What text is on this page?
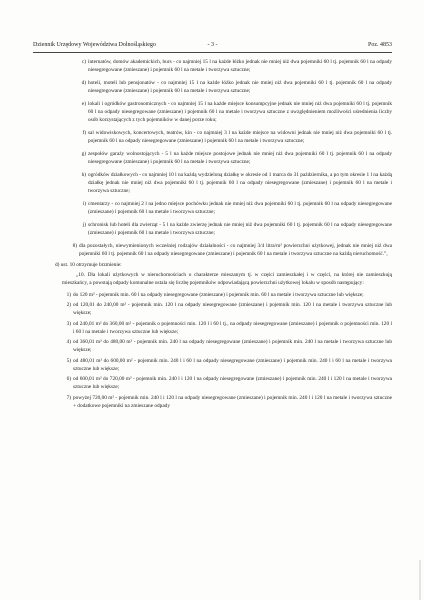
Dziennik Urzędowy Województwa Dolnośląskiego	- 3 -	Poz. 4853
c) internatów, domów akademickich, burs - co najmniej 15 l na każde łóżko jednak nie mniej niż dwa pojemniki 60 l tj. pojemnik 60 l na odpady niesegregowane (zmieszane) i pojemnik 60 l na metale i tworzywa sztuczne;
d) hoteli, moteli lub pensjonatów - co najmniej 15 l na każde łóżko jednak nie mniej niż dwa pojemniki 60 l tj. pojemnik 60 l na odpady niesegregowane (zmieszane) i pojemnik 60 l na metale i tworzywa sztuczne;
e) lokali i ogródków gastronomicznych - co najmniej 15 l na każde miejsce konsumpcyjne jednak nie mniej niż dwa pojemniki 60 l tj. pojemnik 60 l na odpady niesegregowane (zmieszane) i pojemnik 60 l na metale i tworzywa sztuczne z uwzględnieniem możliwości uśrednienia liczby osób korzystających z tych pojemników w danej porze roku;
f) sal widowiskowych, koncertowych, teatrów, kin - co najmniej 3 l na każde miejsce na widowni jednak nie mniej niż dwa pojemniki 60 l tj. pojemnik 60 l na odpady niesegregowane (zmieszane) i pojemnik 60 l na metale i tworzywa sztuczne;
g) zespołów garaży wolnostojących - 5 l na każde miejsce postojowe jednak nie mniej niż dwa pojemniki 60 l tj. pojemnik 60 l na odpady niesegregowane (zmieszane) i pojemnik 60 l na metale i tworzywa sztuczne;
h) ogródków działkowych - co najmniej 10 l na każdą wydzieloną działkę w okresie od 1 marca do 31 października, a po tym okresie 1 l na każdą działkę jednak nie mniej niż dwa pojemniki 60 l tj. pojemnik 60 l na odpady niesegregowane (zmieszane) i pojemnik 60 l na metale i tworzywa sztuczne;
i) cmentarzy - co najmniej 2 l na jedno miejsce pochówku jednak nie mniej niż dwa pojemniki 60 l tj. pojemnik 60 l na odpady niesegregowane (zmieszane) i pojemnik 60 l na metale i tworzywa sztuczne;
j) schronisk lub hoteli dla zwierząt - 5 l na każde zwierzę jednak nie mniej niż dwa pojemniki 60 l tj. pojemnik 60 l na odpady niesegregowane (zmieszane) i pojemnik 60 l na metale i tworzywa sztuczne;
8) dla pozostałych, niewymienionych wcześniej rodzajów działalności - co najmniej 3/4 litra/m² powierzchni użytkowej, jednak nie mniej niż dwa pojemniki 60 l tj. pojemnik 60 l na odpady niesegregowane (zmieszane) i pojemnik 60 l na metale i tworzywa sztuczne na każdą nieruchomość.”,
d) ust. 10 otrzymuje brzmienie:
„10. Dla lokali użytkowych w nieruchomościach o charakterze mieszanym tj. w części zamieszkałej i w części, na której nie zamieszkują mieszkańcy, a powstają odpady komunalne ustala się liczbę pojemników odpowiadającą powierzchni użytkowej lokalu w sposób następujący:
1) do 120 m² - pojemnik min. 60 l na odpady niesegregowane (zmieszane) i pojemnik min. 60 l na metale i tworzywa sztuczne lub większe;
2) od 120,01 do 240,00 m² - pojemnik min. 120 l na odpady niesegregowane (zmieszane) i pojemnik min. 120 l na metale i tworzywa sztuczne lub większe;
3) od 240,01 m² do 360,00 m² - pojemnik o pojemności min. 120 l i 60 l tj., na odpady niesegregowane (zmieszane) i pojemnik o pojemności min. 120 l i 60 l na metale i tworzywa sztuczne lub większe;
4) od 360,01 m² do 480,00 m² - pojemnik min. 240 l na odpady niesegregowane (zmieszane) i pojemnik min. 240 l na metale i tworzywa sztuczne lub większe;
5) od 480,01 m² do 600,00 m² - pojemnik min. 240 l i 60 l na odpady niesegregowane (zmieszane) i pojemnik min. 240 l i 60 l na metale i tworzywa sztuczne lub większe;
6) od 600,01 m² do 720,00 m² - pojemnik min. 240 l i 120 l na odpady niesegregowane (zmieszane) i pojemnik min. 240 l i 120 l na metale i tworzywa sztuczne lub większe;
7) powyżej 720,00 m² - pojemnik min. 240 l i 120 l na odpady niesegregowane (zmieszane) i pojemnik min. 240 l i 120 l na metale i tworzywa sztuczne + dodatkowe pojemniki na zmieszane odpady
